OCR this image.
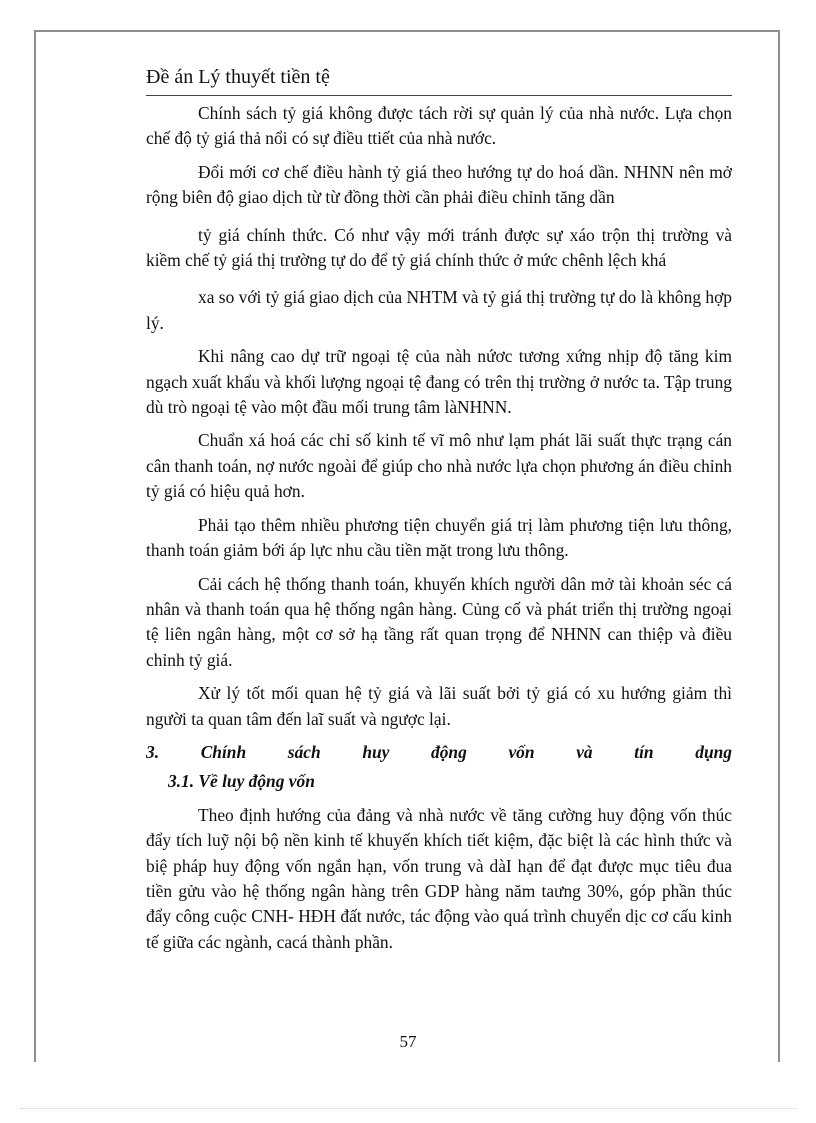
Đề án Lý thuyết tiền tệ

Chính sách tỷ giá không được tách rời sự quản lý của nhà nước. Lựa chọn chế độ tỷ giá thả nổi có sự điều ttiết của nhà nước.

Đổi mới cơ chế điều hành tỷ giá theo hướng tự do hoá dần. NHNN nên mở rộng biên độ giao dịch từ từ đồng thời cần phải điều chỉnh tăng dần

tỷ giá chính thức. Có như vậy mới tránh được sự xáo trộn thị trường và kiềm chế tỷ giá thị trường tự do để tỷ giá chính thức ở mức chênh lệch khá

xa so với tỷ giá giao dịch của NHTM và tỷ giá thị trường tự do là không hợp lý.

Khi nâng cao dự trữ ngoại tệ của nàh nứơc tương xứng nhịp độ tăng kim ngạch xuất khẩu và khối lượng ngoại tệ đang có trên thị trường ở nước ta. Tập trung dù trò ngoại tệ vào một đầu mối trung tâm làNHNN.

Chuẩn xá hoá các chỉ số kinh tế vĩ mô như lạm phát lãi suất thực trạng cán cân thanh toán, nợ nước ngoài để giúp cho nhà nước lựa chọn phương án điều chỉnh tỷ giá có hiệu quả hơn.

Phải tạo thêm nhiều phương tiện chuyển giá trị làm phương tiện lưu thông, thanh toán giảm bới áp lực nhu cầu tiền mặt trong lưu thông.

Cải cách hệ thống thanh toán, khuyến khích người dân mở tài khoản séc cá nhân và thanh toán qua hệ thống ngân hàng. Củng cố và phát triển thị trường ngoại tệ liên ngân hàng, một cơ sở hạ tầng rất quan trọng để NHNN can thiệp và điều chỉnh tỷ giá.

Xử lý tốt mối quan hệ tỷ giá và lãi suất bởi tỷ giá có xu hướng giảm thì người ta quan tâm đến laĩ suất và ngược lại.

3. Chính sách huy động vốn và tín dụng

3.1. Về luy động vốn

Theo định hướng của đảng và nhà nước về tăng cường huy động vốn thúc đẩy tích luỹ nội bộ nền kinh tế khuyến khích tiết kiệm, đặc biệt là các hình thức và biệ pháp huy động vốn ngắn hạn, vốn trung và dàI hạn để đạt được mục tiêu đua tiền gửu vào hệ thống ngân hàng trên GDP hàng năm taưng 30%, góp phần thúc đẩy công cuộc CNH- HĐH đất nước, tác động vào quá trình chuyển dịc cơ cấu kinh tế giữa các ngành, cacá thành phần.

57
